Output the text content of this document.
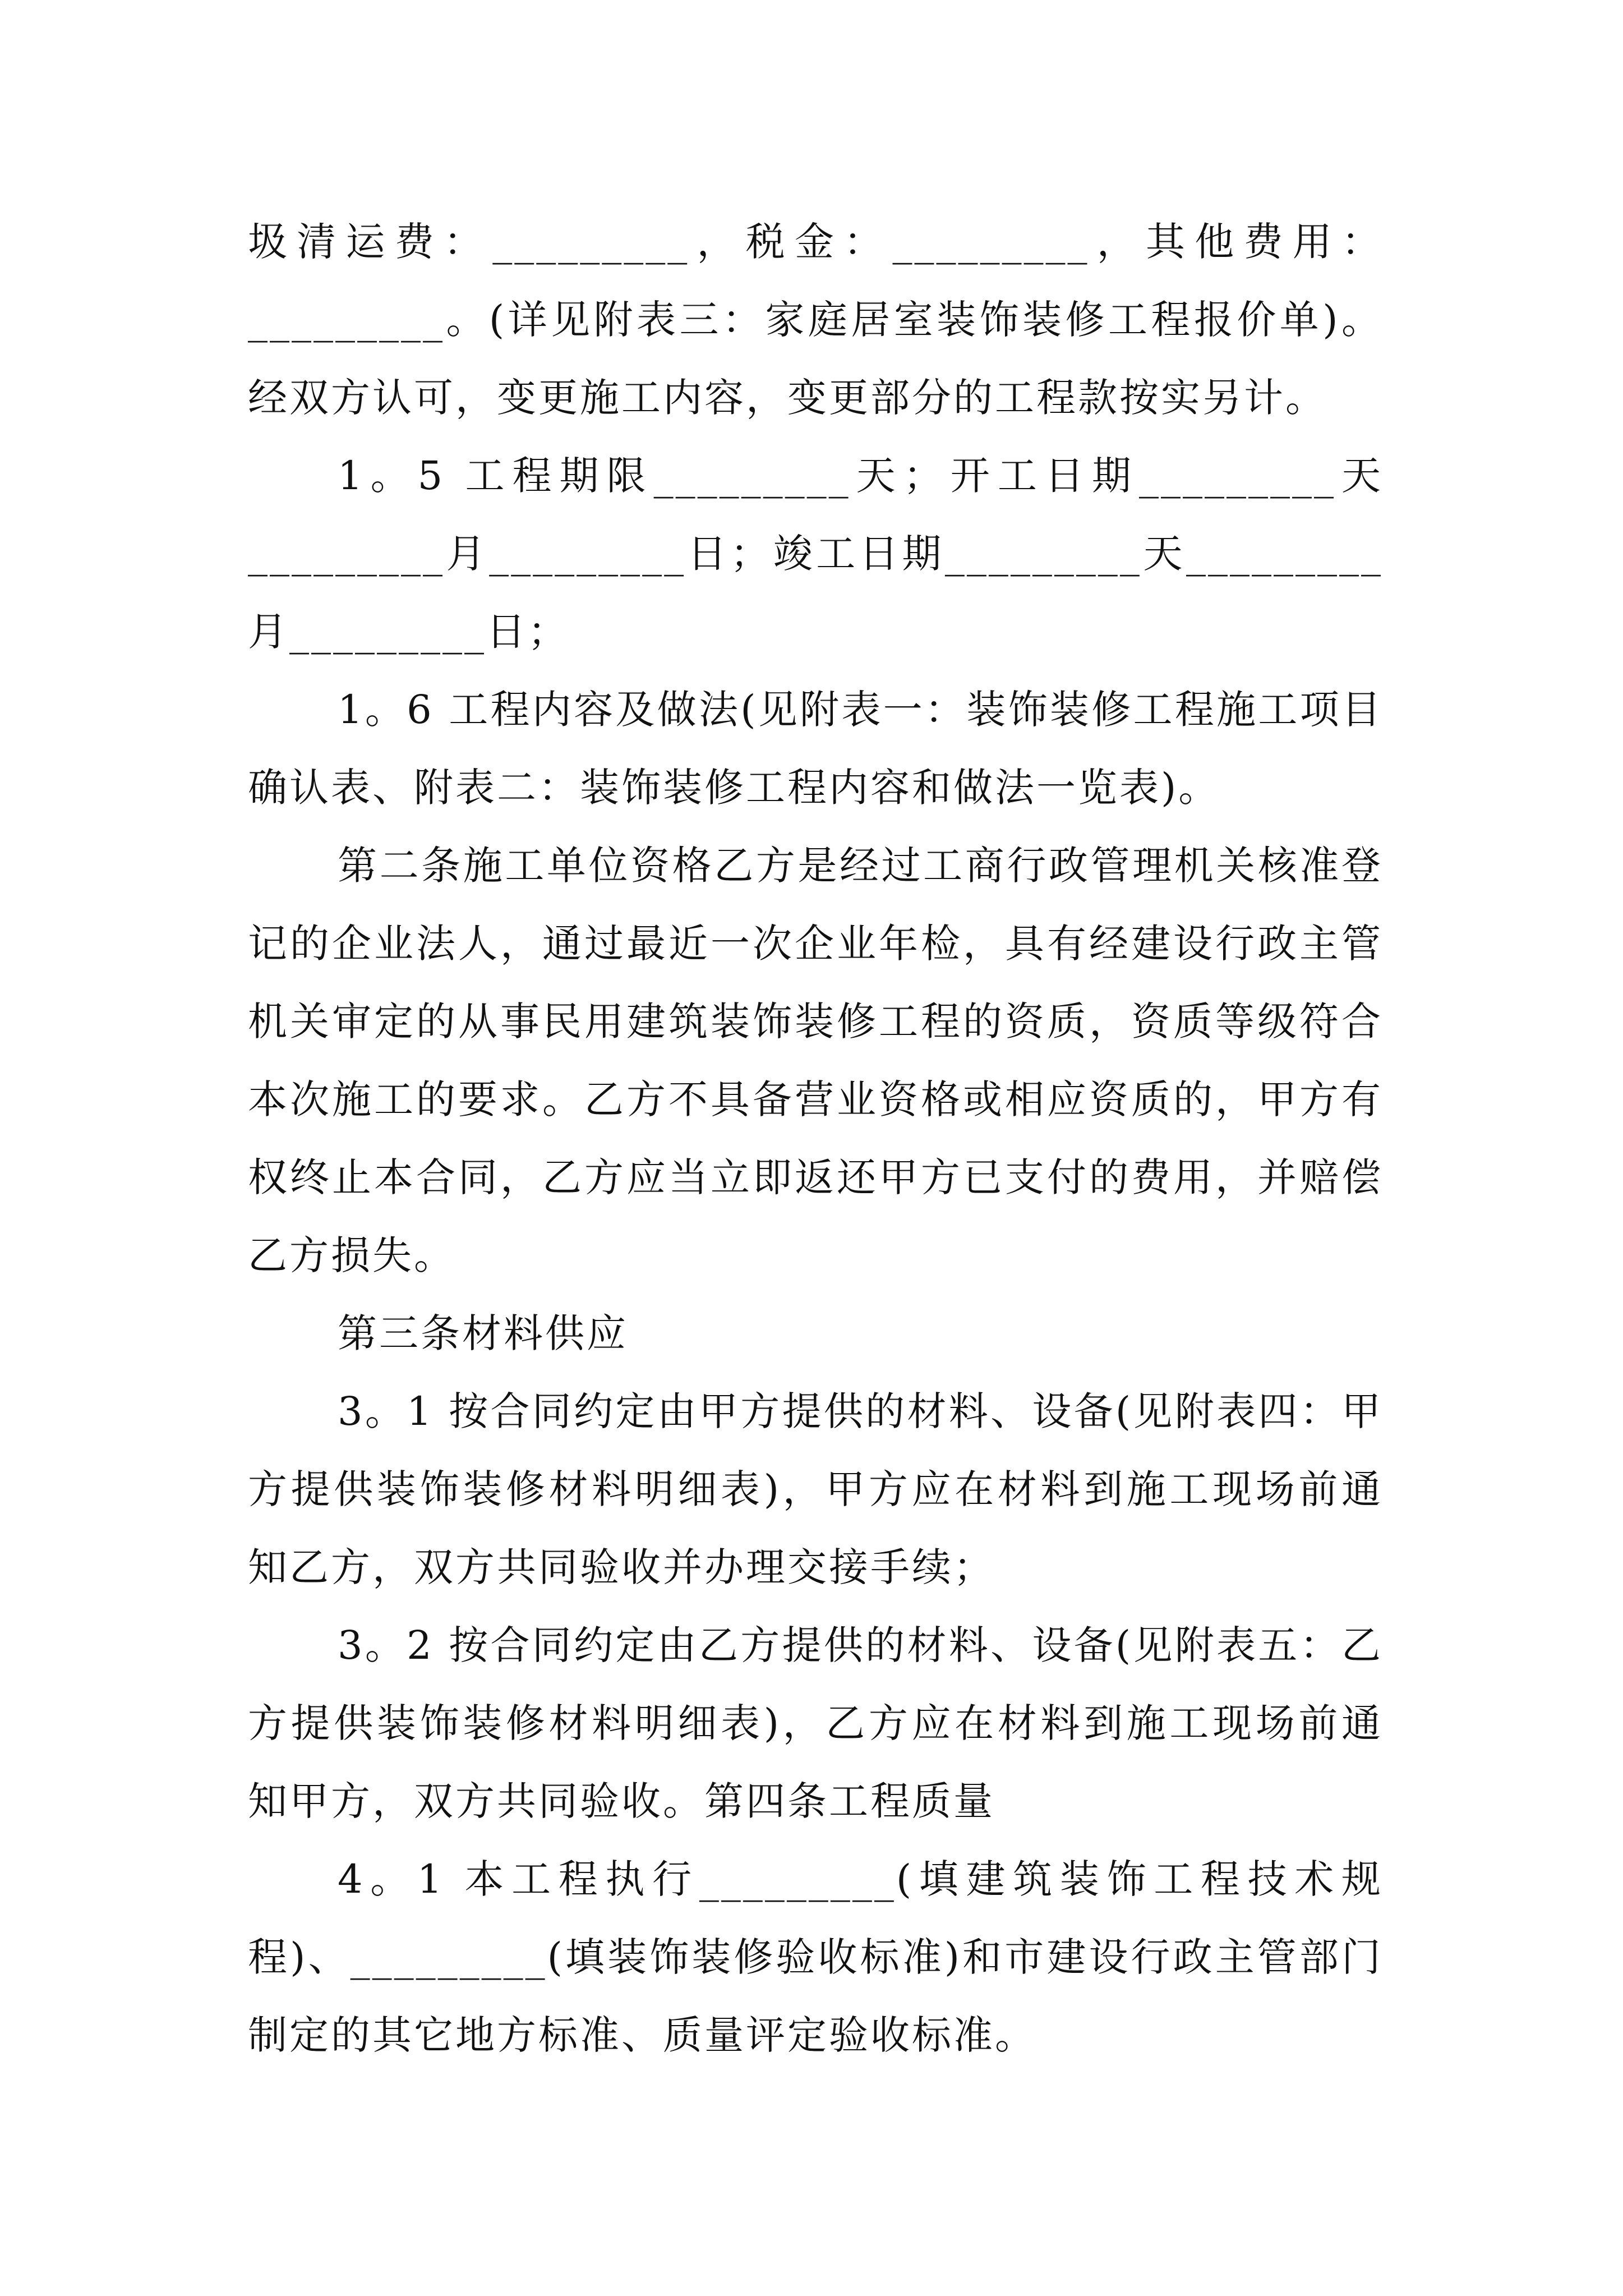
圾清运费：_________，税金：_________，其他费用：_________。(详见附表三：家庭居室装饰装修工程报价单)。经双方认可，变更施工内容，变更部分的工程款按实另计。

1。5 工程期限_________天；开工日期_________天_________月_________日；竣工日期_________天_________月_________日；

1。6 工程内容及做法(见附表一：装饰装修工程施工项目确认表、附表二：装饰装修工程内容和做法一览表)。

第二条施工单位资格乙方是经过工商行政管理机关核准登记的企业法人，通过最近一次企业年检，具有经建设行政主管机关审定的从事民用建筑装饰装修工程的资质，资质等级符合本次施工的要求。乙方不具备营业资格或相应资质的，甲方有权终止本合同，乙方应当立即返还甲方已支付的费用，并赔偿乙方损失。

第三条材料供应

3。1 按合同约定由甲方提供的材料、设备(见附表四：甲方提供装饰装修材料明细表)，甲方应在材料到施工现场前通知乙方，双方共同验收并办理交接手续；

3。2 按合同约定由乙方提供的材料、设备(见附表五：乙方提供装饰装修材料明细表)，乙方应在材料到施工现场前通知甲方，双方共同验收。第四条工程质量

4。1 本工程执行_________(填建筑装饰工程技术规程)、_________(填装饰装修验收标准)和市建设行政主管部门制定的其它地方标准、质量评定验收标准。
